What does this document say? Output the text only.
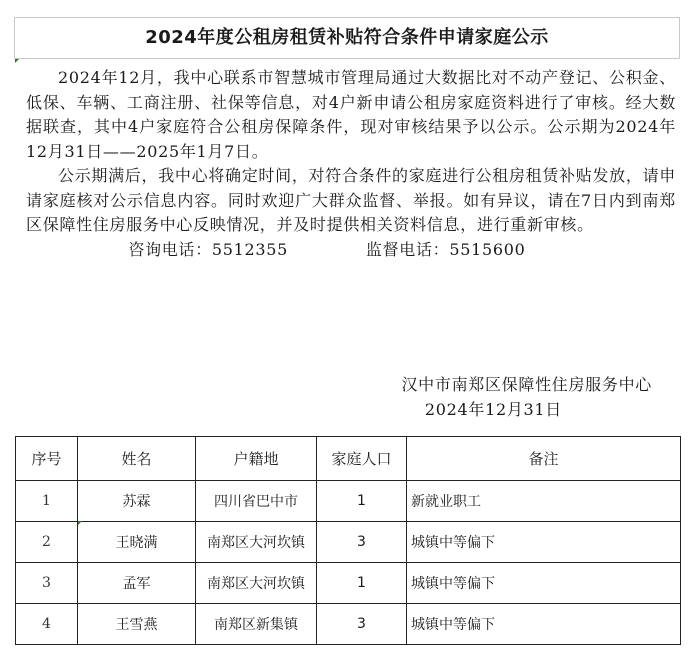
2024年度公租房租赁补贴符合条件申请家庭公示

2024年12月，我中心联系市智慧城市管理局通过大数据比对不动产登记、公积金、低保、车辆、工商注册、社保等信息，对4户新申请公租房家庭资料进行了审核。经大数据联查，其中4户家庭符合公租房保障条件，现对审核结果予以公示。公示期为2024年12月31日——2025年1月7日。

公示期满后，我中心将确定时间，对符合条件的家庭进行公租房租赁补贴发放，请申请家庭核对公示信息内容。同时欢迎广大群众监督、举报。如有异议，请在7日内到南郑区保障性住房服务中心反映情况，并及时提供相关资料信息，进行重新审核。

咨询电话：5512355	监督电话：5515600

汉中市南郑区保障性住房服务中心
2024年12月31日
序号	姓名	户籍地	家庭人口	备注
1	苏霖	四川省巴中市	1	新就业职工
2	王晓满	南郑区大河坎镇	3	城镇中等偏下
3	孟军	南郑区大河坎镇	1	城镇中等偏下
4	王雪燕	南郑区新集镇	3	城镇中等偏下
